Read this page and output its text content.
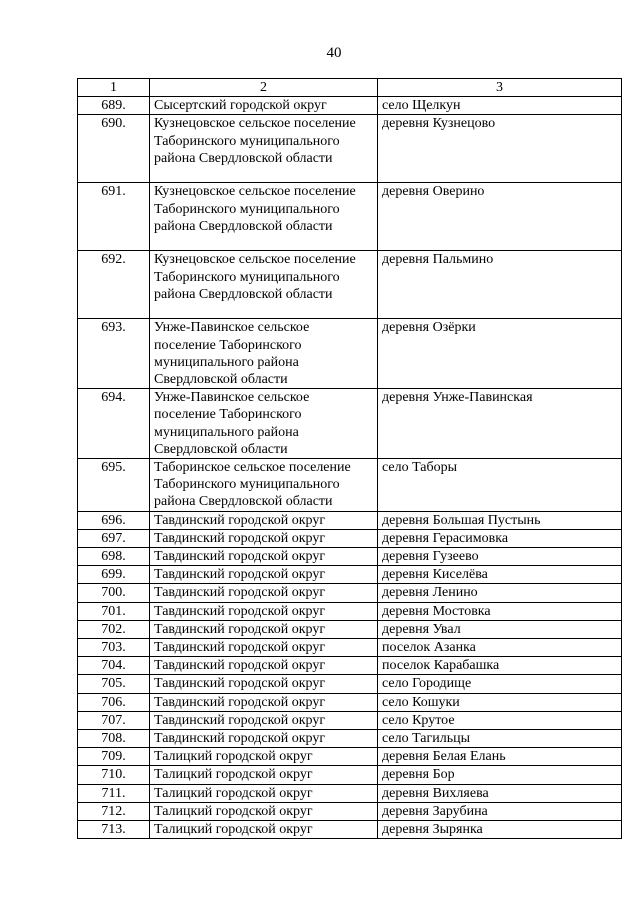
40
1	2	3
689.	Сысертский городской округ	село Щелкун
690.	Кузнецовское сельское поселение Таборинского муниципального района Свердловской области	деревня Кузнецово
691.	Кузнецовское сельское поселение Таборинского муниципального района Свердловской области	деревня Оверино
692.	Кузнецовское сельское поселение Таборинского муниципального района Свердловской области	деревня Пальмино
693.	Унже-Павинское сельское поселение Таборинского муниципального района Свердловской области	деревня Озёрки
694.	Унже-Павинское сельское поселение Таборинского муниципального района Свердловской области	деревня Унже-Павинская
695.	Таборинское сельское поселение Таборинского муниципального района Свердловской области	село Таборы
696.	Тавдинский городской округ	деревня Большая Пустынь
697.	Тавдинский городской округ	деревня Герасимовка
698.	Тавдинский городской округ	деревня Гузеево
699.	Тавдинский городской округ	деревня Киселёва
700.	Тавдинский городской округ	деревня Ленино
701.	Тавдинский городской округ	деревня Мостовка
702.	Тавдинский городской округ	деревня Увал
703.	Тавдинский городской округ	поселок Азанка
704.	Тавдинский городской округ	поселок Карабашка
705.	Тавдинский городской округ	село Городище
706.	Тавдинский городской округ	село Кошуки
707.	Тавдинский городской округ	село Крутое
708.	Тавдинский городской округ	село Тагильцы
709.	Талицкий городской округ	деревня Белая Елань
710.	Талицкий городской округ	деревня Бор
711.	Талицкий городской округ	деревня Вихляева
712.	Талицкий городской округ	деревня Зарубина
713.	Талицкий городской округ	деревня Зырянка
